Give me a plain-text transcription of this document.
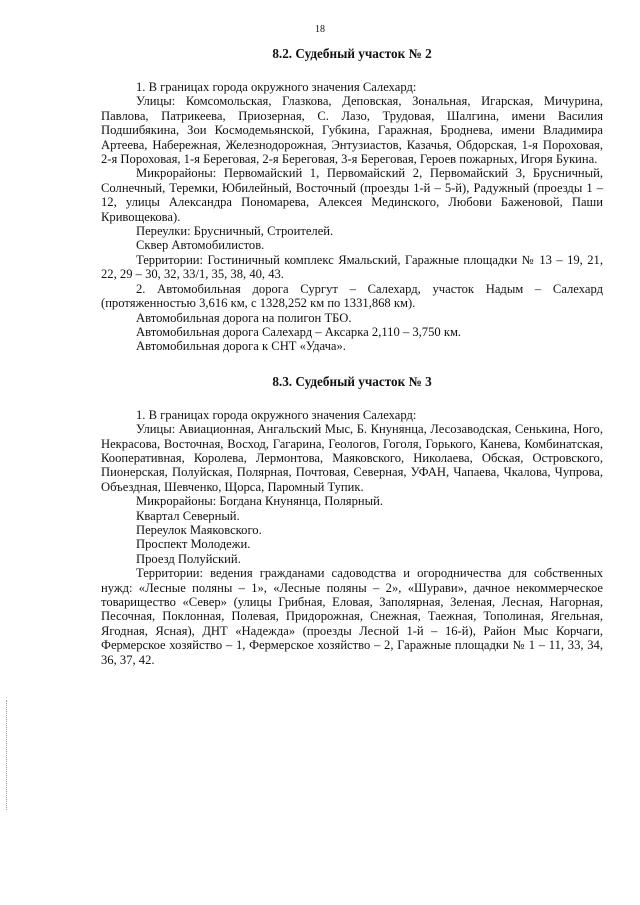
18
8.2. Судебный участок № 2

1. В границах города окружного значения Салехард:

Улицы: Комсомольская, Глазкова, Деповская, Зональная, Игарская, Мичурина, Павлова, Патрикеева, Приозерная, С. Лазо, Трудовая, Шалгина, имени Василия Подшибякина, Зои Космодемьянской, Губкина, Гаражная, Броднева, имени Владимира Артеева, Набережная, Железнодорожная, Энтузиастов, Казачья, Обдорская, 1-я Пороховая, 2-я Пороховая, 1-я Береговая, 2-я Береговая, 3-я Береговая, Героев пожарных, Игоря Букина.

Микрорайоны: Первомайский 1, Первомайский 2, Первомайский 3, Брусничный, Солнечный, Теремки, Юбилейный, Восточный (проезды 1-й – 5-й), Радужный (проезды 1 – 12, улицы Александра Пономарева, Алексея Мединского, Любови Баженовой, Паши Кривощекова).

Переулки: Брусничный, Строителей.

Сквер Автомобилистов.

Территории: Гостиничный комплекс Ямальский, Гаражные площадки № 13 – 19, 21, 22, 29 – 30, 32, 33/1, 35, 38, 40, 43.

2. Автомобильная дорога Сургут – Салехард, участок Надым – Салехард (протяженностью 3,616 км, с 1328,252 км по 1331,868 км).

Автомобильная дорога на полигон ТБО.

Автомобильная дорога Салехард – Аксарка 2,110 – 3,750 км.

Автомобильная дорога к СНТ «Удача».

8.3. Судебный участок № 3

1. В границах города окружного значения Салехард:

Улицы: Авиационная, Ангальский Мыс, Б. Кнунянца, Лесозаводская, Сенькина, Ного, Некрасова, Восточная, Восход, Гагарина, Геологов, Гоголя, Горького, Канева, Комбинатская, Кооперативная, Королева, Лермонтова, Маяковского, Николаева, Обская, Островского, Пионерская, Полуйская, Полярная, Почтовая, Северная, УФАН, Чапаева, Чкалова, Чупрова, Объездная, Шевченко, Щорса, Паромный Тупик.

Микрорайоны: Богдана Кнунянца, Полярный.

Квартал Северный.

Переулок Маяковского.

Проспект Молодежи.

Проезд Полуйский.

Территории: ведения гражданами садоводства и огородничества для собственных нужд: «Лесные поляны – 1», «Лесные поляны – 2», «Шурави», дачное некоммерческое товарищество «Север» (улицы Грибная, Еловая, Заполярная, Зеленая, Лесная, Нагорная, Песочная, Поклонная, Полевая, Придорожная, Снежная, Таежная, Тополиная, Ягельная, Ягодная, Ясная), ДНТ «Надежда» (проезды Лесной 1-й – 16-й), Район Мыс Корчаги, Фермерское хозяйство – 1, Фермерское хозяйство – 2, Гаражные площадки № 1 – 11, 33, 34, 36, 37, 42.
